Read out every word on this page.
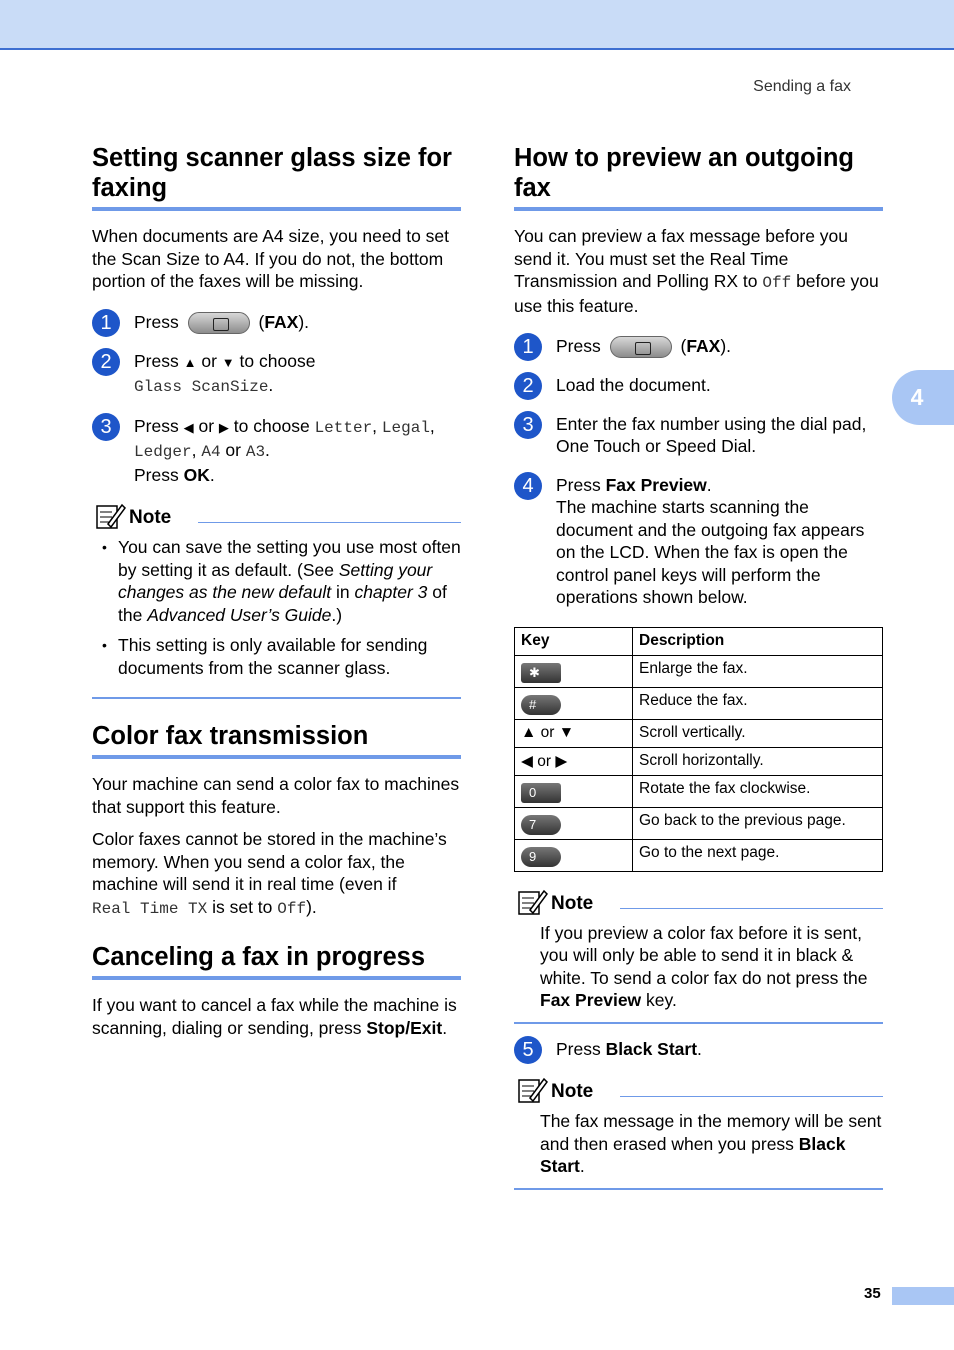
Sending a fax
Setting scanner glass size for faxing

When documents are A4 size, you need to set the Scan Size to A4. If you do not, the bottom portion of the faxes will be missing.

1	Press	(FAX).
2	Press ▲ or ▼ to choose
Glass ScanSize.
3	Press ◀ or ▶ to choose Letter, Legal,
Ledger, A4 or A3.
Press OK.
Note
• You can save the setting you use most often by setting it as default. (See Setting your changes as the new default in chapter 3 of the Advanced User’s Guide.)
• This setting is only available for sending documents from the scanner glass.
Color fax transmission

Your machine can send a color fax to machines that support this feature.

Color faxes cannot be stored in the machine’s memory. When you send a color fax, the machine will send it in real time (even if
Real Time TX is set to Off).

Canceling a fax in progress

If you want to cancel a fax while the machine is scanning, dialing or sending, press Stop/Exit.

How to preview an outgoing fax

You can preview a fax message before you send it. You must set the Real Time Transmission and Polling RX to Off before you use this feature.

1	Press	(FAX).
2	Load the document.
3	Enter the fax number using the dial pad, One Touch or Speed Dial.
4	Press Fax Preview.
The machine starts scanning the document and the outgoing fax appears on the LCD. When the fax is open the control panel keys will perform the operations shown below.
Key	Description
✱	Enlarge the fax.
#	Reduce the fax.
▲ or ▼	Scroll vertically.
◀ or ▶	Scroll horizontally.
0	Rotate the fax clockwise.
7	Go back to the previous page.
9	Go to the next page.
Note
If you preview a color fax before it is sent, you will only be able to send it in black & white. To send a color fax do not press the Fax Preview key.
5	Press Black Start.
Note
The fax message in the memory will be sent and then erased when you press Black Start.
4
35
